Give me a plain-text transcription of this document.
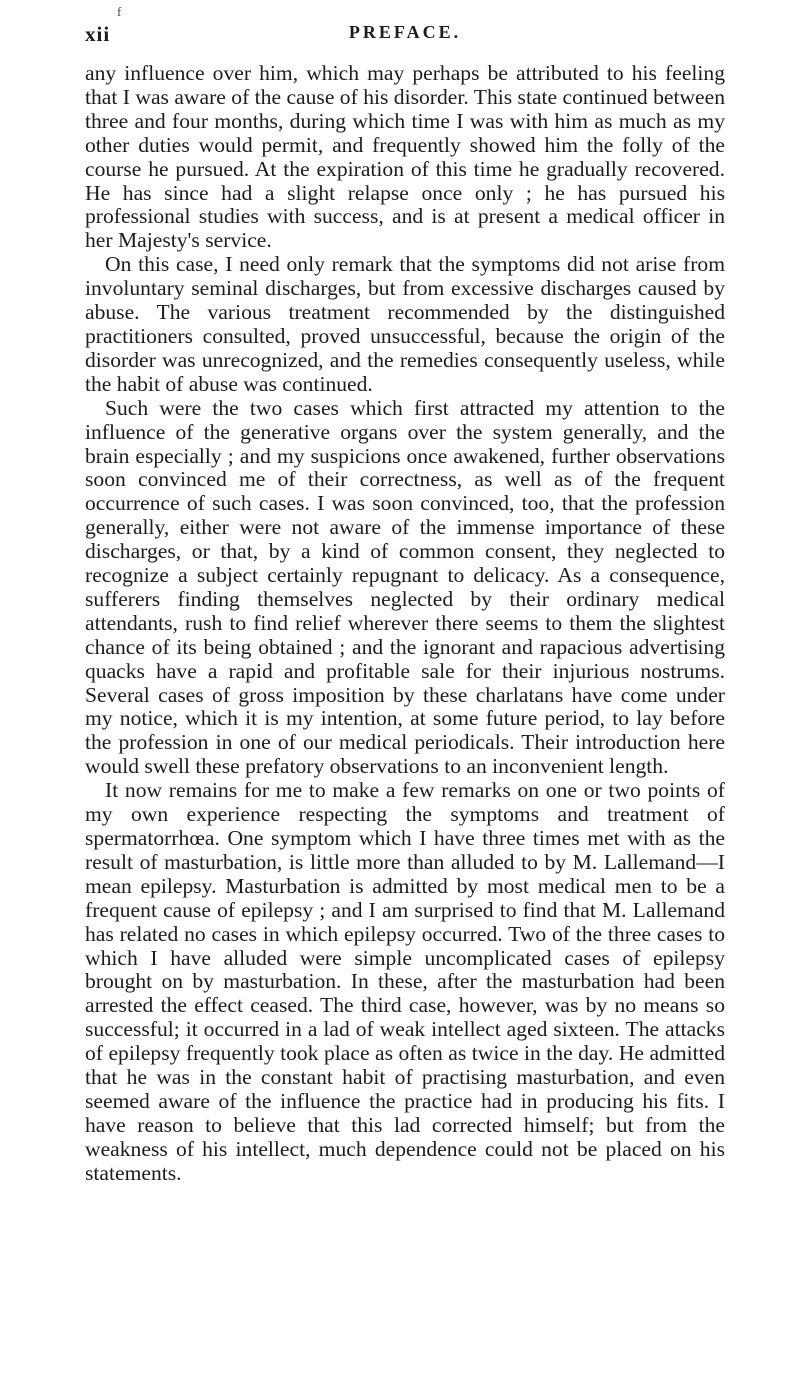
f
xii	PREFACE.

any influence over him, which may perhaps be attributed to his feeling that I was aware of the cause of his disorder. This state continued between three and four months, during which time I was with him as much as my other duties would permit, and frequently showed him the folly of the course he pursued. At the expiration of this time he gradually recovered. He has since had a slight relapse once only ; he has pursued his professional studies with success, and is at present a medical officer in her Majesty's service.

On this case, I need only remark that the symptoms did not arise from involuntary seminal discharges, but from excessive discharges caused by abuse. The various treatment recommended by the distinguished practitioners consulted, proved unsuccessful, because the origin of the disorder was unrecognized, and the remedies consequently useless, while the habit of abuse was continued.

Such were the two cases which first attracted my attention to the influence of the generative organs over the system generally, and the brain especially ; and my suspicions once awakened, further observations soon convinced me of their correctness, as well as of the frequent occurrence of such cases. I was soon convinced, too, that the profession generally, either were not aware of the immense importance of these discharges, or that, by a kind of common consent, they neglected to recognize a subject certainly repugnant to delicacy. As a consequence, sufferers finding themselves neglected by their ordinary medical attendants, rush to find relief wherever there seems to them the slightest chance of its being obtained ; and the ignorant and rapacious advertising quacks have a rapid and profitable sale for their injurious nostrums. Several cases of gross imposition by these charlatans have come under my notice, which it is my intention, at some future period, to lay before the profession in one of our medical periodicals. Their introduction here would swell these prefatory observations to an inconvenient length.

It now remains for me to make a few remarks on one or two points of my own experience respecting the symptoms and treatment of spermatorrhœa. One symptom which I have three times met with as the result of masturbation, is little more than alluded to by M. Lallemand—I mean epilepsy. Masturbation is admitted by most medical men to be a frequent cause of epilepsy ; and I am surprised to find that M. Lallemand has related no cases in which epilepsy occurred. Two of the three cases to which I have alluded were simple uncomplicated cases of epilepsy brought on by masturbation. In these, after the masturbation had been arrested the effect ceased. The third case, however, was by no means so successful; it occurred in a lad of weak intellect aged sixteen. The attacks of epilepsy frequently took place as often as twice in the day. He admitted that he was in the constant habit of practising masturbation, and even seemed aware of the influence the practice had in producing his fits. I have reason to believe that this lad corrected himself; but from the weakness of his intellect, much dependence could not be placed on his statements.
